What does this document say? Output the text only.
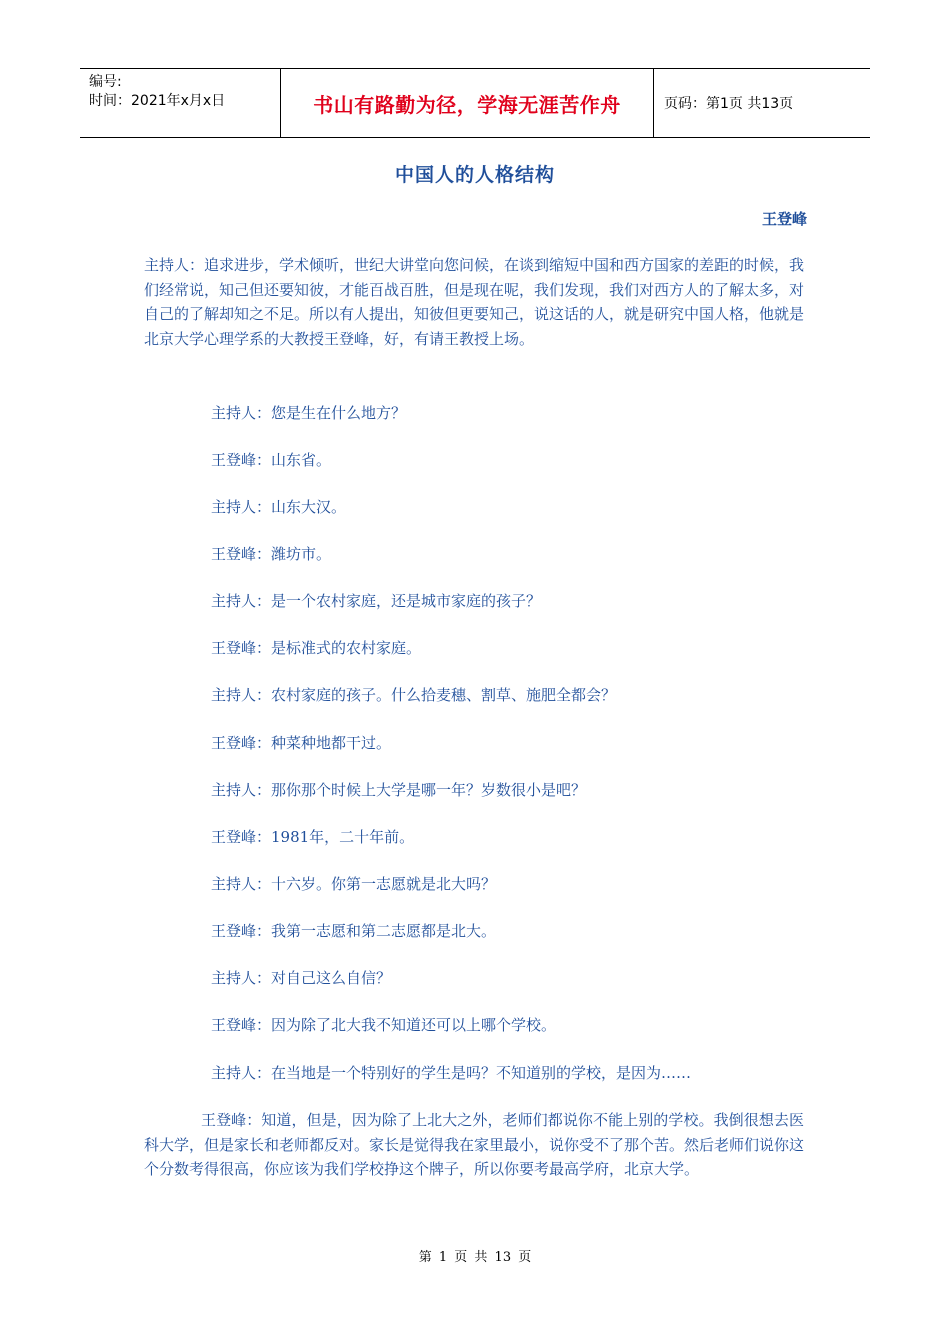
编号:
时间：2021年x月x日	书山有路勤为径，学海无涯苦作舟	页码：第1页 共13页
中国人的人格结构
王登峰

主持人：追求进步，学术倾听，世纪大讲堂向您问候，在谈到缩短中国和西方国家的差距的时候，我们经常说，知己但还要知彼，才能百战百胜，但是现在呢，我们发现，我们对西方人的了解太多，对自己的了解却知之不足。所以有人提出，知彼但更要知己，说这话的人，就是研究中国人格，他就是北京大学心理学系的大教授王登峰，好，有请王教授上场。

主持人：您是生在什么地方？

王登峰：山东省。

主持人：山东大汉。

王登峰：潍坊市。

主持人：是一个农村家庭，还是城市家庭的孩子？

王登峰：是标准式的农村家庭。

主持人：农村家庭的孩子。什么拾麦穗、割草、施肥全都会？

王登峰：种菜种地都干过。

主持人：那你那个时候上大学是哪一年？岁数很小是吧？

王登峰：1981年，二十年前。

主持人：十六岁。你第一志愿就是北大吗？

王登峰：我第一志愿和第二志愿都是北大。

主持人：对自己这么自信？

王登峰：因为除了北大我不知道还可以上哪个学校。

主持人：在当地是一个特别好的学生是吗？不知道别的学校，是因为……

王登峰：知道，但是，因为除了上北大之外，老师们都说你不能上别的学校。我倒很想去医科大学，但是家长和老师都反对。家长是觉得我在家里最小，说你受不了那个苦。然后老师们说你这个分数考得很高，你应该为我们学校挣这个牌子，所以你要考最高学府，北京大学。

第 1 页 共 13 页
